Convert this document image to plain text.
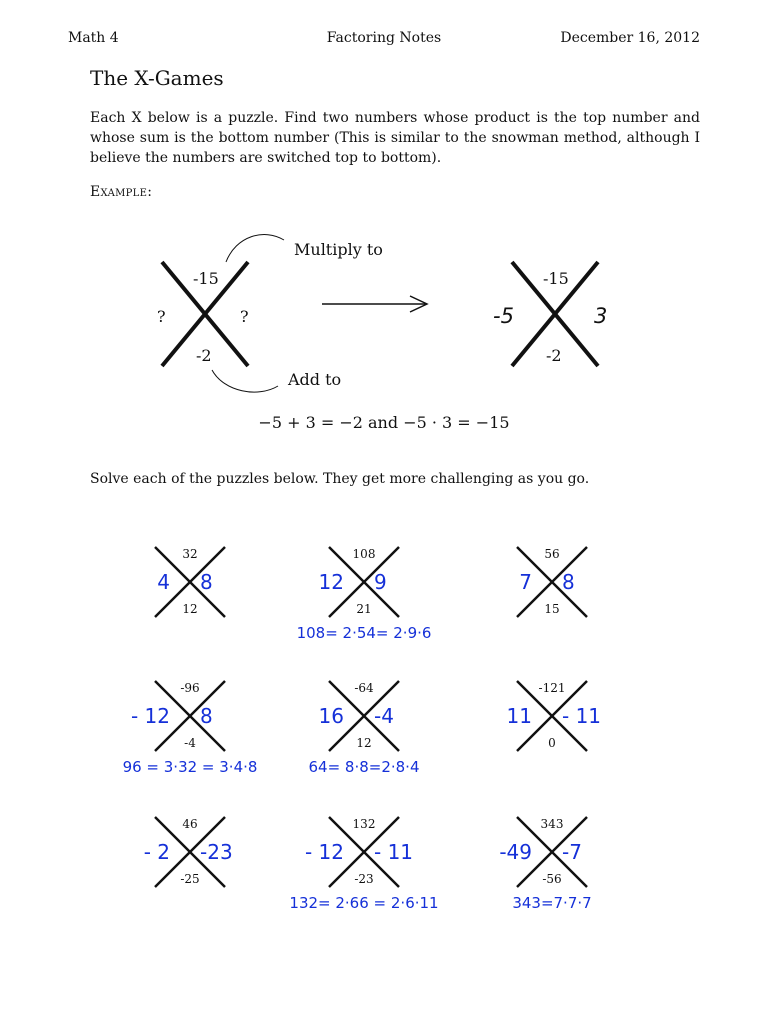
Math 4	Factoring Notes	December 16, 2012
The X-Games
Each X below is a puzzle. Find two numbers whose product is the top number and whose sum is the bottom number (This is similar to the snowman method, although I believe the numbers are switched top to bottom).
Example:
-15
-2
?	?
Multiply to
Add to
-15
-2
-5	3
−5 + 3 = −2 and −5 · 3 = −15
Solve each of the puzzles below. They get more challenging as you go.
32
12
4 8
108
21
12 9
108= 2·54= 2·9·6
56
15
7 8
-96
-4
- 12 8
96 = 3·32 = 3·4·8
-64
12
16 -4
64= 8·8=2·8·4
-121
0
11 - 11
46
-25
- 2 -23
132
-23
- 12 - 11
132= 2·66 = 2·6·11
343
-56
-49 -7
343=7·7·7
